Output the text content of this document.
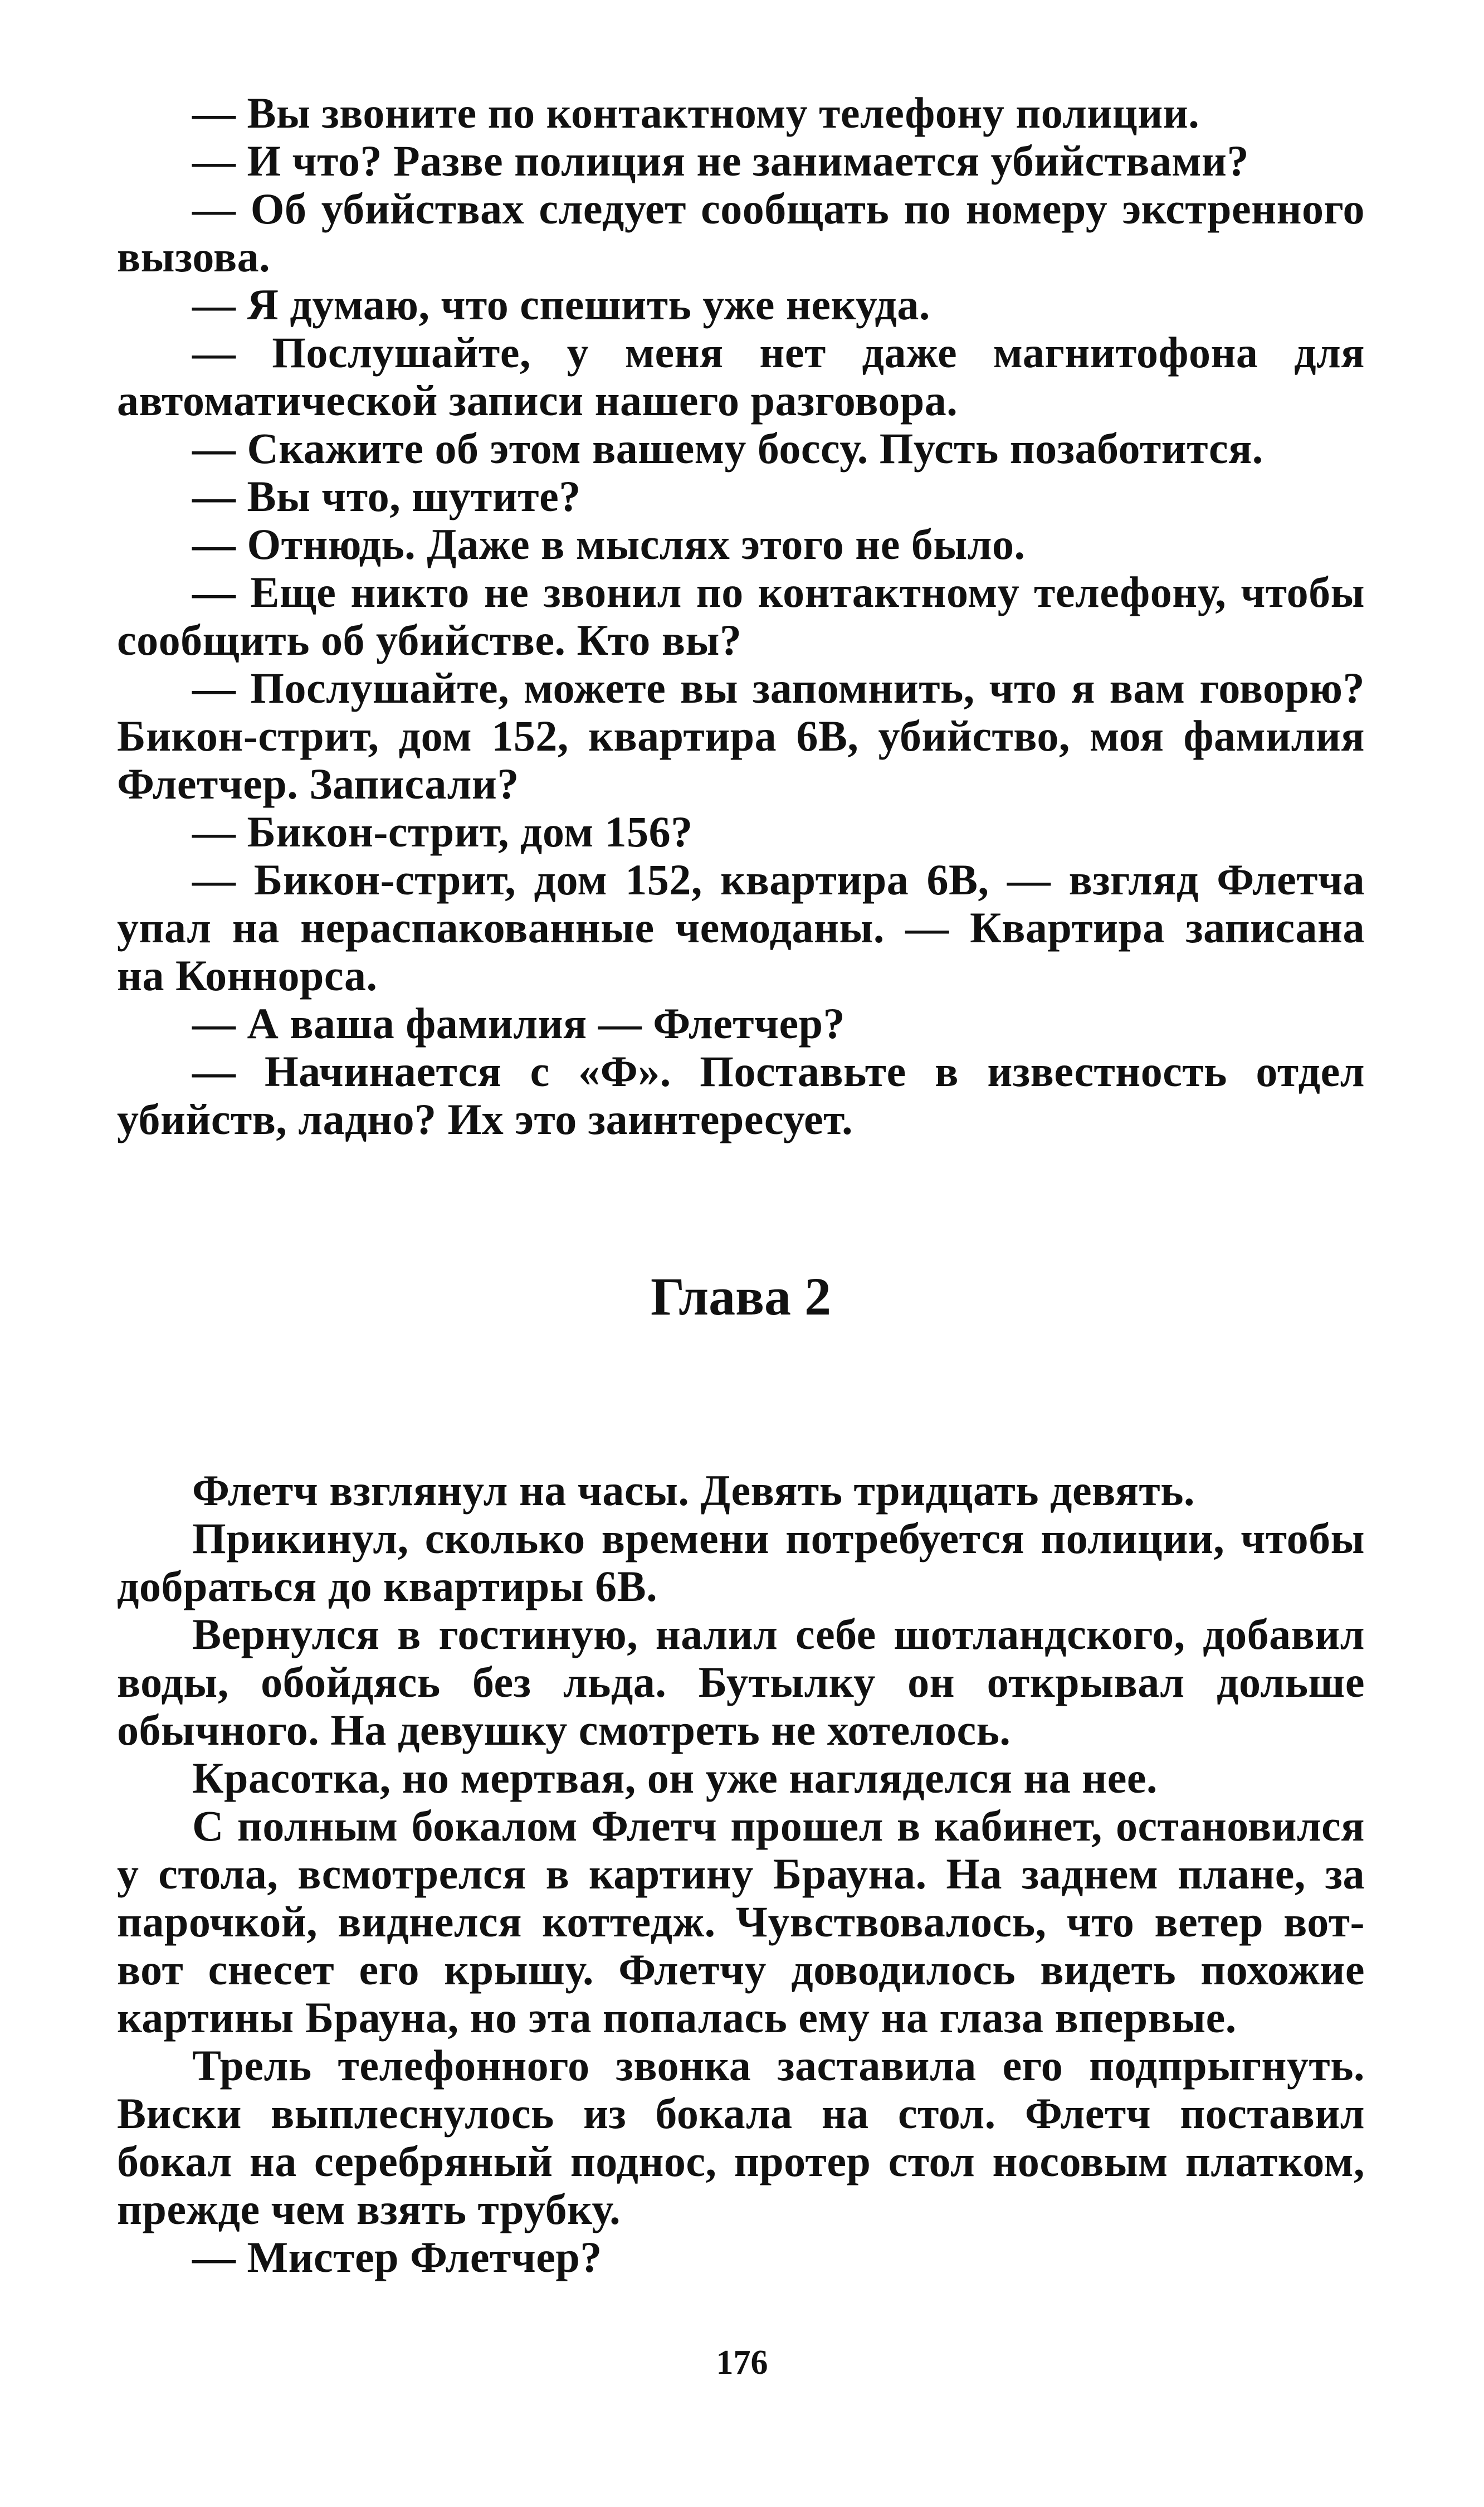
— Вы звоните по контактному телефону полиции.

— И что? Разве полиция не занимается убийствами?

— Об убийствах следует сообщать по номеру экстренного вызова.

— Я думаю, что спешить уже некуда.

— Послушайте, у меня нет даже магнитофона для автоматической записи нашего разговора.

— Скажите об этом вашему боссу. Пусть позаботится.

— Вы что, шутите?

— Отнюдь. Даже в мыслях этого не было.

— Еще никто не звонил по контактному телефону, чтобы сообщить об убийстве. Кто вы?

— Послушайте, можете вы запомнить, что я вам говорю? Бикон-стрит, дом 152, квартира 6В, убийство, моя фамилия Флетчер. Записали?

— Бикон-стрит, дом 156?

— Бикон-стрит, дом 152, квартира 6В, — взгляд Флетча упал на нераспакованные чемоданы. — Квартира записана на Коннорса.

— А ваша фамилия — Флетчер?

— Начинается с «Ф». Поставьте в известность отдел убийств, ладно? Их это заинтересует.

Глава 2

Флетч взглянул на часы. Девять тридцать девять.

Прикинул, сколько времени потребуется полиции, чтобы добраться до квартиры 6В.

Вернулся в гостиную, налил себе шотландского, добавил воды, обойдясь без льда. Бутылку он открывал дольше обычного. На девушку смотреть не хотелось.

Красотка, но мертвая, он уже нагляделся на нее.

С полным бокалом Флетч прошел в кабинет, остановился у стола, всмотрелся в картину Брауна. На заднем плане, за парочкой, виднелся коттедж. Чувствовалось, что ветер вот-вот снесет его крышу. Флетчу доводилось видеть похожие картины Брауна, но эта попалась ему на глаза впервые.

Трель телефонного звонка заставила его подпрыгнуть. Виски выплеснулось из бокала на стол. Флетч поставил бокал на серебряный поднос, протер стол носовым платком, прежде чем взять трубку.

— Мистер Флетчер?

176
